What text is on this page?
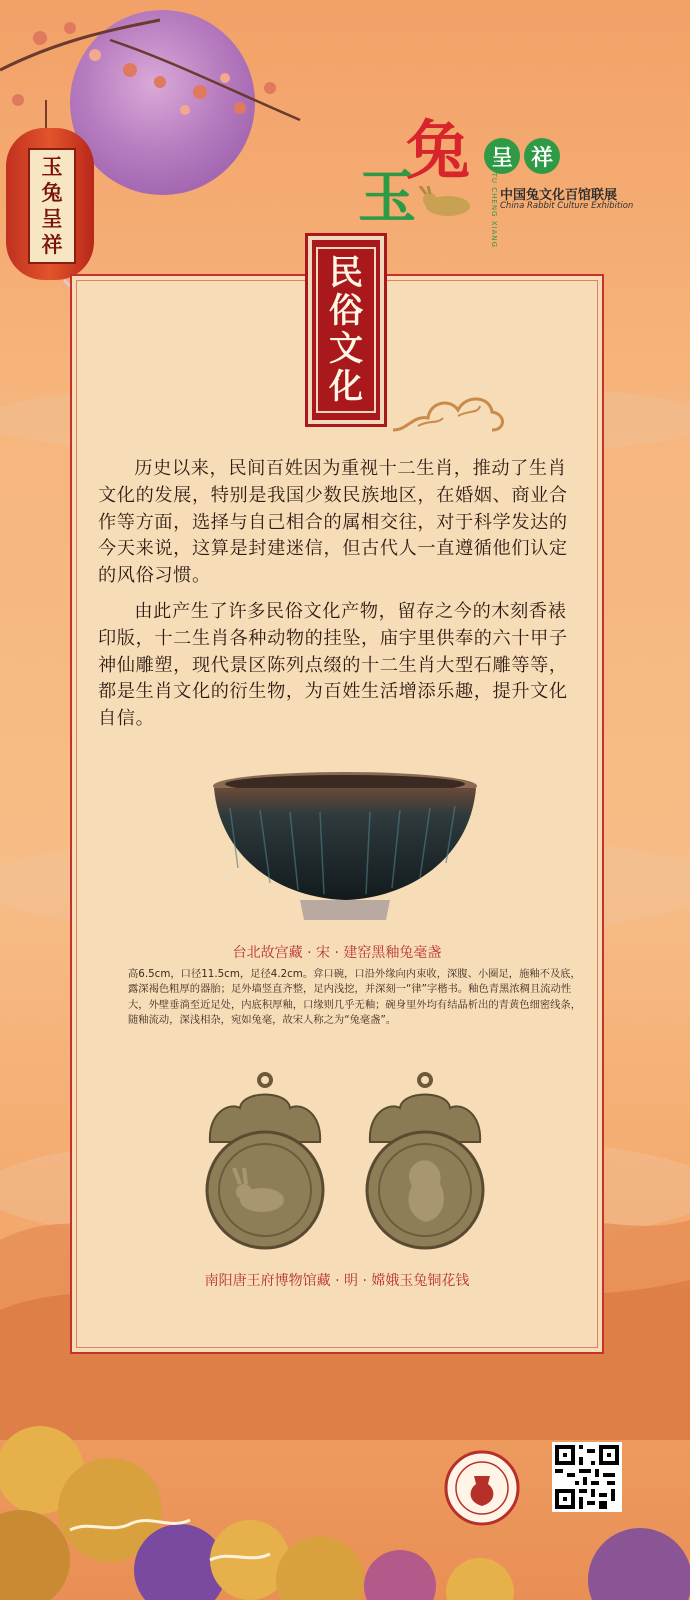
玉
兔
呈
祥
兔
玉
呈 祥
YU TU CHENG XIANG 中国兔文化百馆联展
China Rabbit Culture Exhibition
民
俗
文
化

历史以来，民间百姓因为重视十二生肖，推动了生肖文化的发展，特别是我国少数民族地区，在婚姻、商业合作等方面，选择与自己相合的属相交往，对于科学发达的今天来说，这算是封建迷信，但古代人一直遵循他们认定的风俗习惯。

由此产生了许多民俗文化产物，留存之今的木刻香裱印版，十二生肖各种动物的挂坠，庙宇里供奉的六十甲子神仙雕塑，现代景区陈列点缀的十二生肖大型石雕等等，都是生肖文化的衍生物，为百姓生活增添乐趣，提升文化自信。

台北故宫藏 · 宋 · 建窑黑釉兔毫盏

高6.5cm，口径11.5cm，足径4.2cm。弇口碗，口沿外缘向内束收，深腹、小圈足，施釉不及底，露深褐色粗厚的器胎；足外墙竖直齐整，足内浅挖，并深刻一“律”字楷书。釉色青黑浓稠且流动性大，外壁垂淌至近足处，内底积厚釉，口缘则几乎无釉；碗身里外均有结晶析出的青黄色细密线条，随釉流动，深浅相杂，宛如兔毫，故宋人称之为“兔毫盏”。

南阳唐王府博物馆藏 · 明 · 嫦娥玉兔铜花钱
